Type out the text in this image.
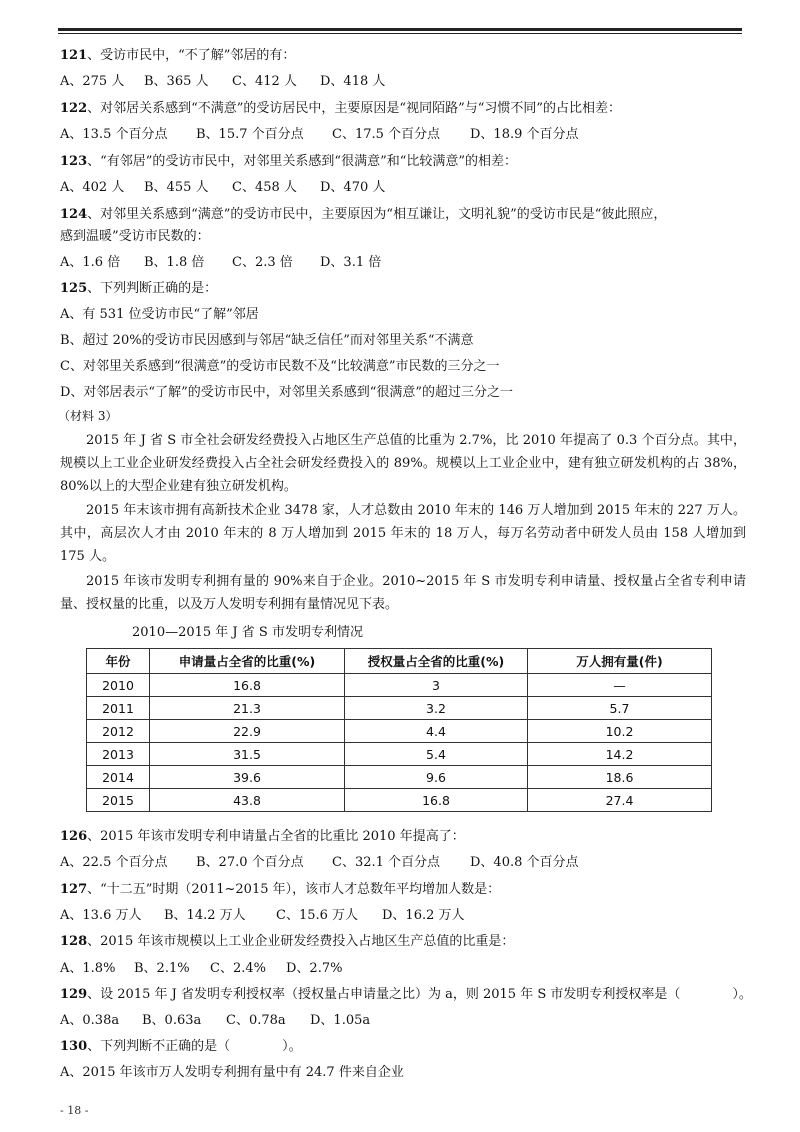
121、受访市民中，“不了解”邻居的有：
A、275 人 B、365 人 C、412 人 D、418 人
122、对邻居关系感到“不满意”的受访居民中，主要原因是“视同陌路”与“习惯不同”的占比相差：
A、13.5 个百分点 B、15.7 个百分点 C、17.5 个百分点 D、18.9 个百分点
123、“有邻居”的受访市民中，对邻里关系感到“很满意”和“比较满意”的相差：
A、402 人 B、455 人 C、458 人 D、470 人
124、对邻里关系感到“满意”的受访市民中，主要原因为“相互谦让，文明礼貌”的受访市民是“彼此照应，
感到温暖”受访市民数的：
A、1.6 倍 B、1.8 倍 C、2.3 倍 D、3.1 倍
125、下列判断正确的是：
A、有 531 位受访市民“了解”邻居
B、超过 20%的受访市民因感到与邻居“缺乏信任”而对邻里关系“不满意
C、对邻里关系感到“很满意”的受访市民数不及“比较满意”市民数的三分之一
D、对邻居表示“了解”的受访市民中，对邻里关系感到“很满意”的超过三分之一
（材料 3）
2015 年 J 省 S 市全社会研发经费投入占地区生产总值的比重为 2.7%，比 2010 年提高了 0.3 个百分点。其中，规模以上工业企业研发经费投入占全社会研发经费投入的 89%。规模以上工业企业中，建有独立研发机构的占 38%，80%以上的大型企业建有独立研发机构。
2015 年末该市拥有高新技术企业 3478 家，人才总数由 2010 年末的 146 万人增加到 2015 年末的 227 万人。其中，高层次人才由 2010 年末的 8 万人增加到 2015 年末的 18 万人，每万名劳动者中研发人员由 158 人增加到 175 人。
2015 年该市发明专利拥有量的 90%来自于企业。2010~2015 年 S 市发明专利申请量、授权量占全省专利申请量、授权量的比重，以及万人发明专利拥有量情况见下表。
2010—2015 年 J 省 S 市发明专利情况
年份	申请量占全省的比重(%)	授权量占全省的比重(%)	万人拥有量(件)
2010	16.8	3	—
2011	21.3	3.2	5.7
2012	22.9	4.4	10.2
2013	31.5	5.4	14.2
2014	39.6	9.6	18.6
2015	43.8	16.8	27.4
126、2015 年该市发明专利申请量占全省的比重比 2010 年提高了：
A、22.5 个百分点 B、27.0 个百分点 C、32.1 个百分点 D、40.8 个百分点
127、“十二五”时期（2011~2015 年），该市人才总数年平均增加人数是：
A、13.6 万人 B、14.2 万人 C、15.6 万人 D、16.2 万人
128、2015 年该市规模以上工业企业研发经费投入占地区生产总值的比重是：
A、1.8% B、2.1% C、2.4% D、2.7%
129、设 2015 年 J 省发明专利授权率（授权量占申请量之比）为 a，则 2015 年 S 市发明专利授权率是（　　　　）。
A、0.38a B、0.63a C、0.78a D、1.05a
130、下列判断不正确的是（　　　　）。
A、2015 年该市万人发明专利拥有量中有 24.7 件来自企业
- 18 -
